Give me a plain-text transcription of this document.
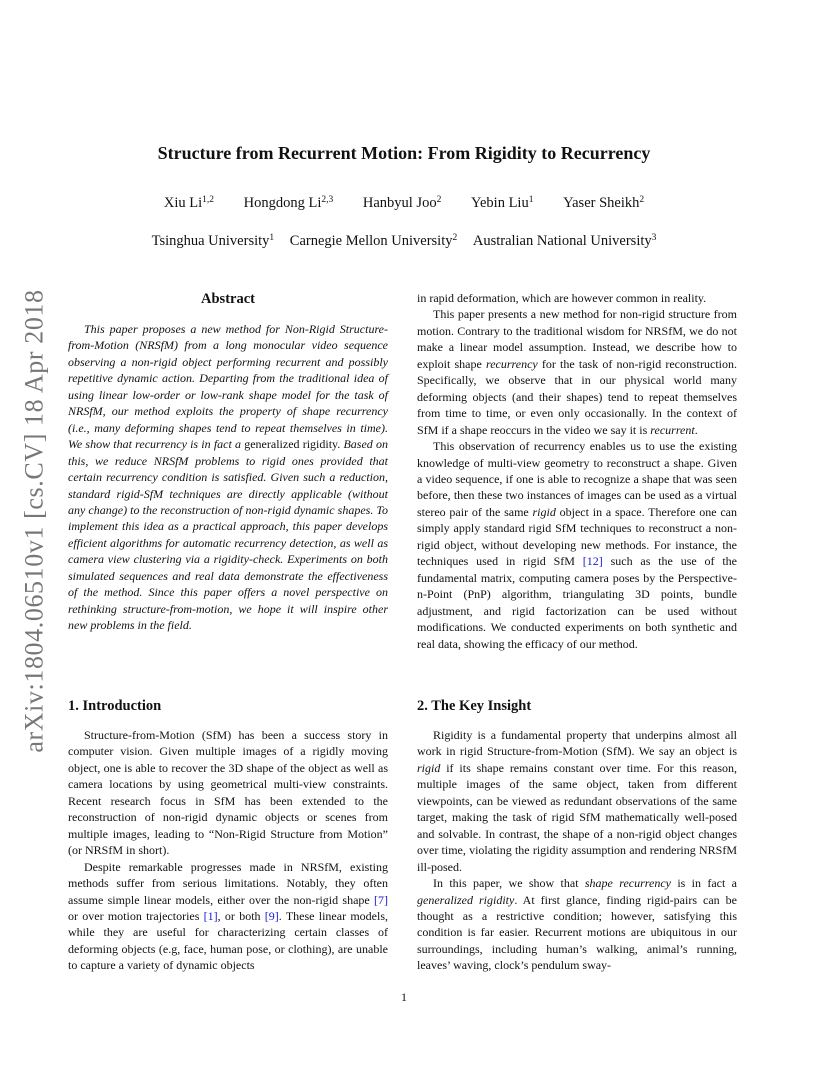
arXiv:1804.06510v1 [cs.CV] 18 Apr 2018
Structure from Recurrent Motion: From Rigidity to Recurrency
Xiu Li$^{1,2}$ Hongdong Li$^{2,3}$ Hanbyul Joo$^2$ Yebin Liu$^1$ Yaser Sheikh$^2$
Tsinghua University$^1$ Carnegie Mellon University$^2$ Australian National University$^3$
Abstract

This paper proposes a new method for Non-Rigid Structure-from-Motion (NRSfM) from a long monocular video sequence observing a non-rigid object performing recurrent and possibly repetitive dynamic action. Departing from the traditional idea of using linear low-order or low-rank shape model for the task of NRSfM, our method exploits the property of shape recurrency (i.e., many deforming shapes tend to repeat themselves in time). We show that recurrency is in fact a generalized rigidity. Based on this, we reduce NRSfM problems to rigid ones provided that certain recurrency condition is satisfied. Given such a reduction, standard rigid-SfM techniques are directly applicable (without any change) to the reconstruction of non-rigid dynamic shapes. To implement this idea as a practical approach, this paper develops efficient algorithms for automatic recurrency detection, as well as camera view clustering via a rigidity-check. Experiments on both simulated sequences and real data demonstrate the effectiveness of the method. Since this paper offers a novel perspective on rethinking structure-from-motion, we hope it will inspire other new problems in the field.

1. Introduction

Structure-from-Motion (SfM) has been a success story in computer vision. Given multiple images of a rigidly moving object, one is able to recover the 3D shape of the object as well as camera locations by using geometrical multi-view constraints. Recent research focus in SfM has been extended to the reconstruction of non-rigid dynamic objects or scenes from multiple images, leading to “Non-Rigid Structure from Motion” (or NRSfM in short).

Despite remarkable progresses made in NRSfM, existing methods suffer from serious limitations. Notably, they often assume simple linear models, either over the non-rigid shape [7] or over motion trajectories [1], or both [9]. These linear models, while they are useful for characterizing certain classes of deforming objects (e.g, face, human pose, or clothing), are unable to capture a variety of dynamic objects

in rapid deformation, which are however common in reality.

This paper presents a new method for non-rigid structure from motion. Contrary to the traditional wisdom for NRSfM, we do not make a linear model assumption. Instead, we describe how to exploit shape recurrency for the task of non-rigid reconstruction. Specifically, we observe that in our physical world many deforming objects (and their shapes) tend to repeat themselves from time to time, or even only occasionally. In the context of SfM if a shape reoccurs in the video we say it is recurrent.

This observation of recurrency enables us to use the existing knowledge of multi-view geometry to reconstruct a shape. Given a video sequence, if one is able to recognize a shape that was seen before, then these two instances of images can be used as a virtual stereo pair of the same rigid object in a space. Therefore one can simply apply standard rigid SfM techniques to reconstruct a non-rigid object, without developing new methods. For instance, the techniques used in rigid SfM [12] such as the use of the fundamental matrix, computing camera poses by the Perspective-n-Point (PnP) algorithm, triangulating 3D points, bundle adjustment, and rigid factorization can be used without modifications. We conducted experiments on both synthetic and real data, showing the efficacy of our method.

2. The Key Insight

Rigidity is a fundamental property that underpins almost all work in rigid Structure-from-Motion (SfM). We say an object is rigid if its shape remains constant over time. For this reason, multiple images of the same object, taken from different viewpoints, can be viewed as redundant observations of the same target, making the task of rigid SfM mathematically well-posed and solvable. In contrast, the shape of a non-rigid object changes over time, violating the rigidity assumption and rendering NRSfM ill-posed.

In this paper, we show that shape recurrency is in fact a generalized rigidity. At first glance, finding rigid-pairs can be thought as a restrictive condition; however, satisfying this condition is far easier. Recurrent motions are ubiquitous in our surroundings, including human’s walking, animal’s running, leaves’ waving, clock’s pendulum sway-

1
